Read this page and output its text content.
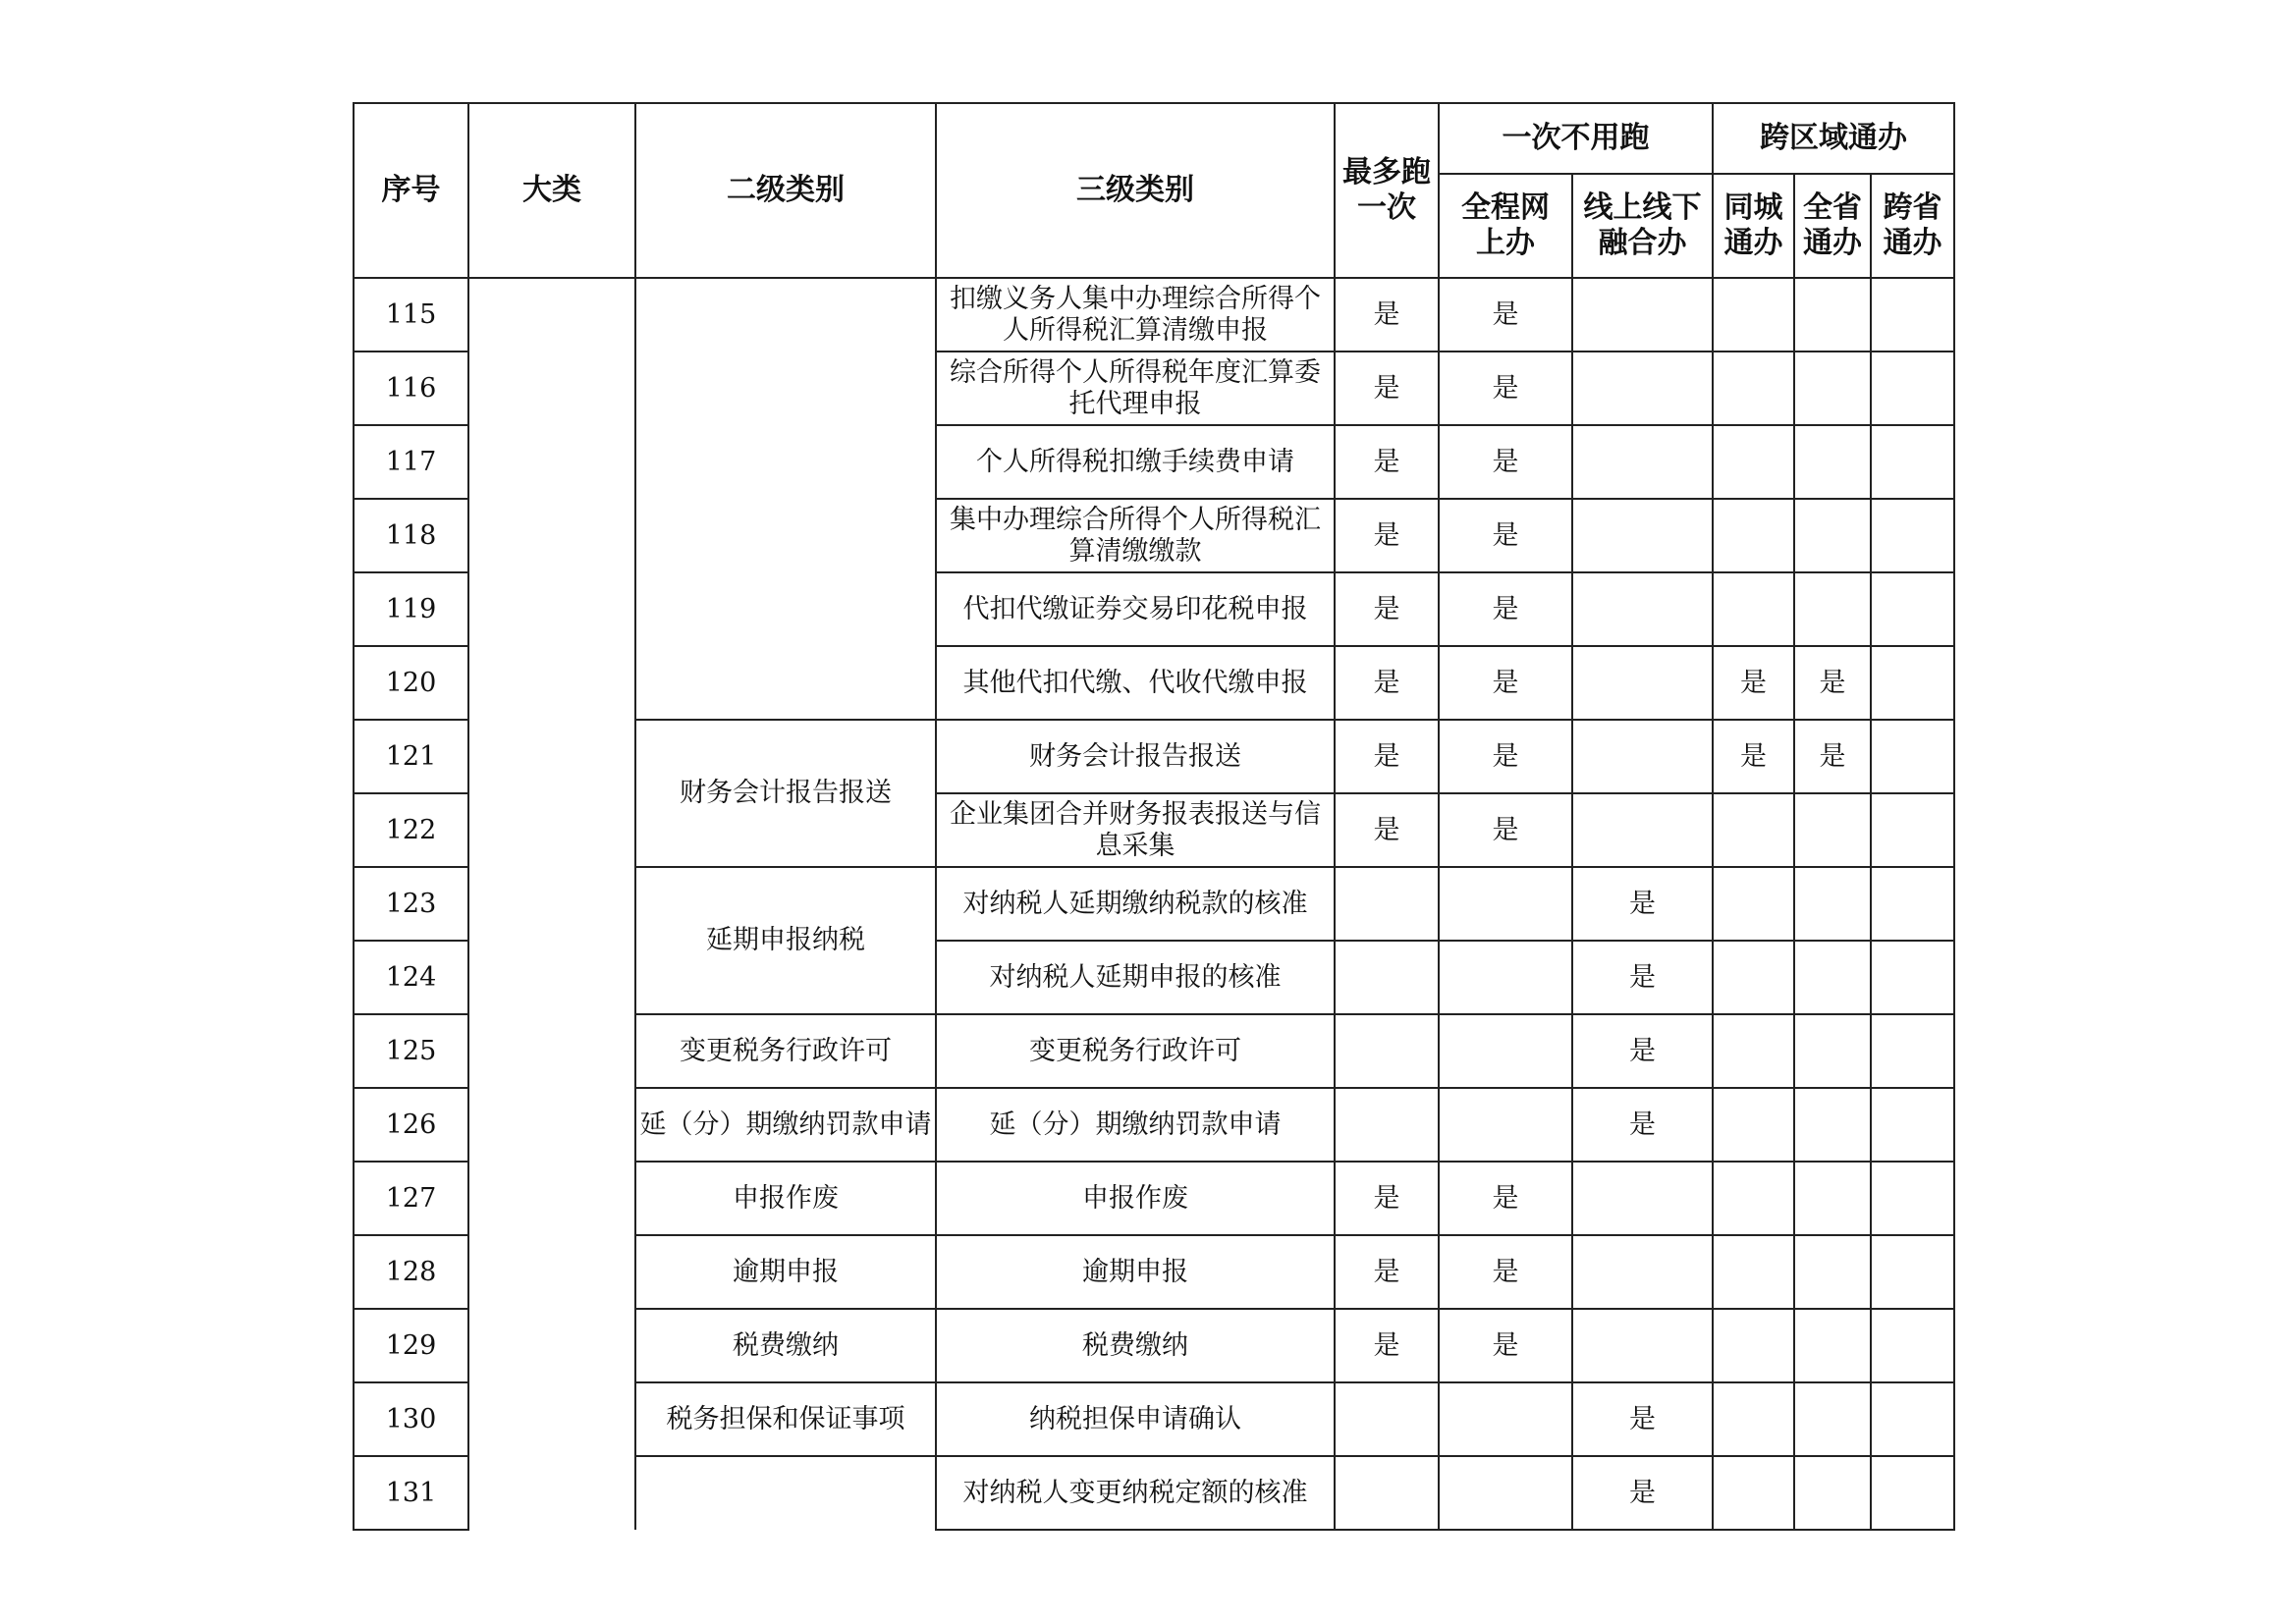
序号	大类	二级类别	三级类别	最多跑一次	一次不用跑		跨区域通办		
					全程网上办	线上线下融合办	同城通办	全省通办	跨省通办
115			扣缴义务人集中办理综合所得个人所得税汇算清缴申报	是	是				
116			综合所得个人所得税年度汇算委托代理申报	是	是				
117			个人所得税扣缴手续费申请	是	是				
118			集中办理综合所得个人所得税汇算清缴缴款	是	是				
119			代扣代缴证券交易印花税申报	是	是				
120			其他代扣代缴、代收代缴申报	是	是		是	是	
121		财务会计报告报送	财务会计报告报送	是	是		是	是	
122			企业集团合并财务报表报送与信息采集	是	是				
123		延期申报纳税	对纳税人延期缴纳税款的核准			是			
124			对纳税人延期申报的核准			是			
125		变更税务行政许可	变更税务行政许可			是			
126		延（分）期缴纳罚款申请	延（分）期缴纳罚款申请			是			
127		申报作废	申报作废	是	是				
128		逾期申报	逾期申报	是	是				
129		税费缴纳	税费缴纳	是	是				
130		税务担保和保证事项	纳税担保申请确认			是			
131			对纳税人变更纳税定额的核准			是			
